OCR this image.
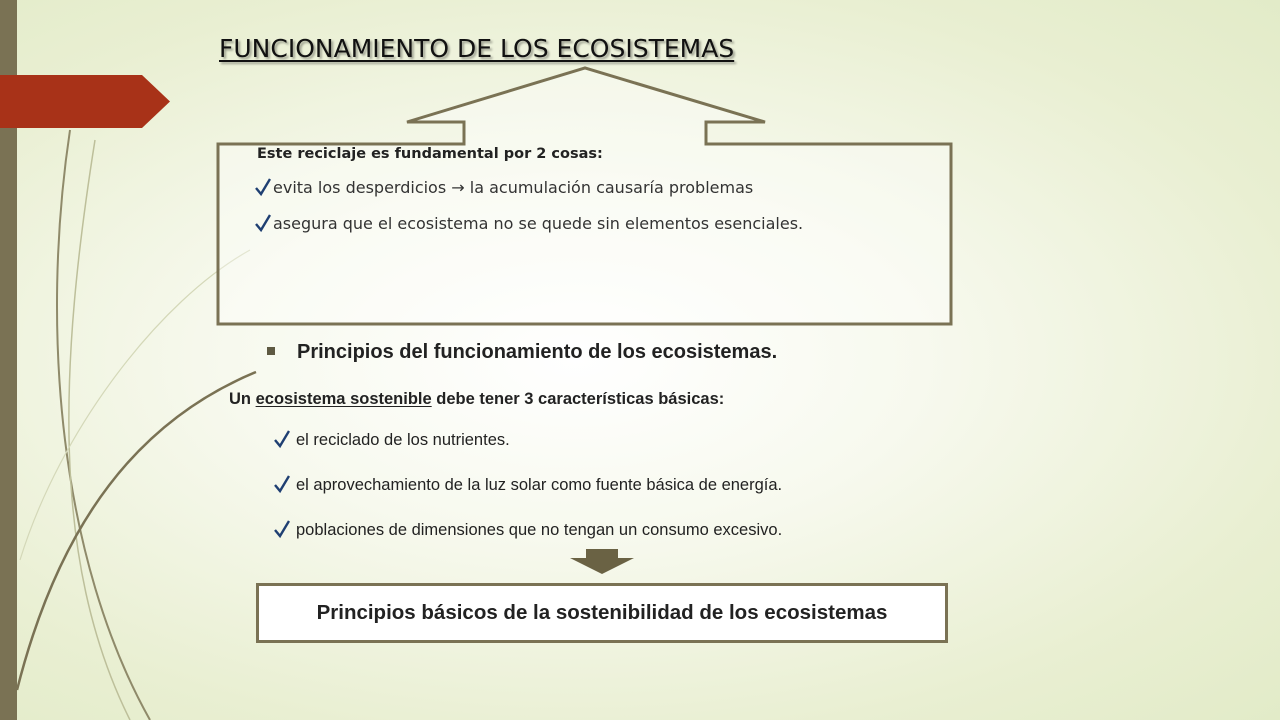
FUNCIONAMIENTO DE LOS ECOSISTEMAS

Este reciclaje es fundamental por 2 cosas:

evita los desperdicios → la acumulación causaría problemas
asegura que el ecosistema no se quede sin elementos esenciales.
Principios del funcionamiento de los ecosistemas.
Un ecosistema sostenible debe tener 3 características básicas:
el reciclado de los nutrientes.
el aprovechamiento de la luz solar como fuente básica de energía.
poblaciones de dimensiones que no tengan un consumo excesivo.
Principios básicos de la sostenibilidad de los ecosistemas
